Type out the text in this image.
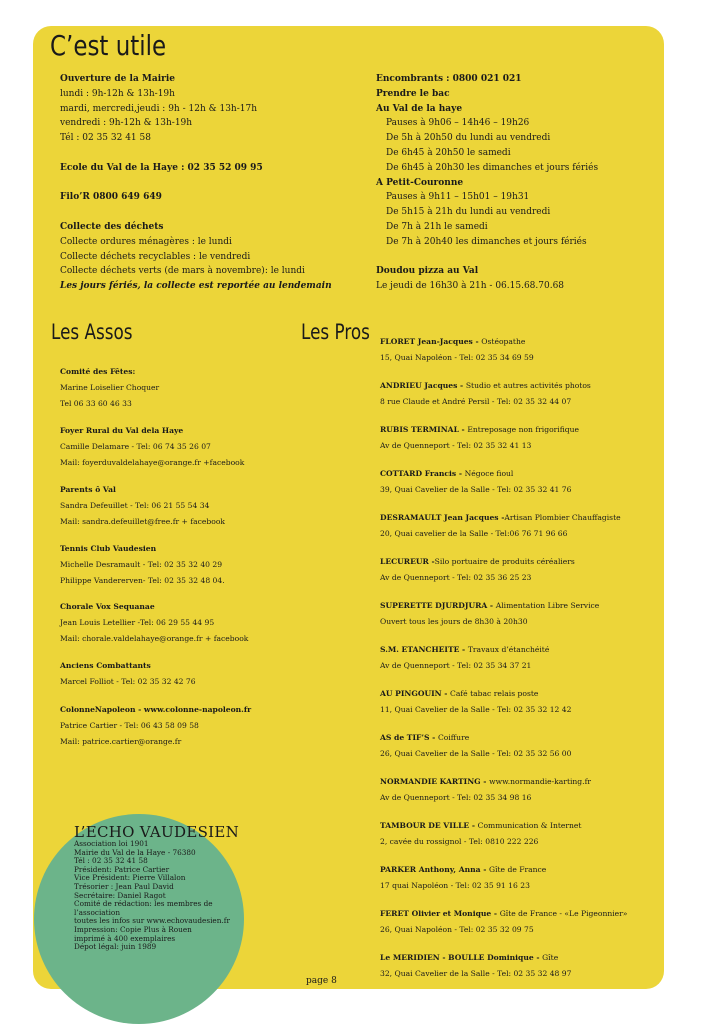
C’est utile
Ouverture de la Mairie
lundi : 9h-12h & 13h-19h
mardi, mercredi,jeudi : 9h - 12h & 13h-17h
vendredi : 9h-12h & 13h-19h
Tél : 02 35 32 41 58
Ecole du Val de la Haye : 02 35 52 09 95
Filo’R 0800 649 649
Collecte des déchets
Collecte ordures ménagères : le lundi
Collecte déchets recyclables : le vendredi
Collecte déchets verts (de mars à novembre): le lundi
Les jours fériés, la collecte est reportée au lendemain
Encombrants : 0800 021 021
Prendre le bac
Au Val de la haye
Pauses à 9h06 – 14h46 – 19h26
De 5h à 20h50 du lundi au vendredi
De 6h45 à 20h50 le samedi
De 6h45 à 20h30 les dimanches et jours fériés
A Petit-Couronne
Pauses à 9h11 – 15h01 – 19h31
De 5h15 à 21h du lundi au vendredi
De 7h à 21h le samedi
De 7h à 20h40 les dimanches et jours fériés
Doudou pizza au Val
Le jeudi de 16h30 à 21h - 06.15.68.70.68
Les Assos	Les Pros
Comité des Fêtes:
Marine Loiselier Choquer
Tel 06 33 60 46 33
Foyer Rural du Val dela Haye
Camille Delamare - Tel: 06 74 35 26 07
Mail: foyerduvaldelahaye@orange.fr +facebook
Parents ô Val
Sandra Defeuillet - Tel: 06 21 55 54 34
Mail: sandra.defeuillet@free.fr + facebook
Tennis Club Vaudesien
Michelle Desramault - Tel: 02 35 32 40 29
Philippe Vandererven- Tel: 02 35 32 48 04.
Chorale Vox Sequanae
Jean Louis Letellier -Tel: 06 29 55 44 95
Mail: chorale.valdelahaye@orange.fr + facebook
Anciens Combattants
Marcel Folliot - Tel: 02 35 32 42 76
ColonneNapoleon - www.colonne-napoleon.fr
Patrice Cartier - Tel: 06 43 58 09 58
Mail: patrice.cartier@orange.fr
FLORET Jean-Jacques - Ostéopathe
15, Quai Napoléon - Tel: 02 35 34 69 59
ANDRIEU Jacques - Studio et autres activités photos
8 rue Claude et André Persil - Tel: 02 35 32 44 07
RUBIS TERMINAL - Entreposage non frigorifique
Av de Quenneport - Tel: 02 35 32 41 13
COTTARD Francis - Négoce fioul
39, Quai Cavelier de la Salle - Tel: 02 35 32 41 76
DESRAMAULT Jean Jacques -Artisan Plombier Chauffagiste
20, Quai cavelier de la Salle - Tel:06 76 71 96 66
LECUREUR -Silo portuaire de produits céréaliers
Av de Quenneport - Tel: 02 35 36 25 23
SUPERETTE DJURDJURA - Alimentation Libre Service
Ouvert tous les jours de 8h30 à 20h30
S.M. ETANCHEITE - Travaux d’étanchéité
Av de Quenneport - Tel: 02 35 34 37 21
AU PINGOUIN - Café tabac relais poste
11, Quai Cavelier de la Salle - Tel: 02 35 32 12 42
AS de TIF’S - Coiffure
26, Quai Cavelier de la Salle - Tel: 02 35 32 56 00
NORMANDIE KARTING - www.normandie-karting.fr
Av de Quenneport - Tel: 02 35 34 98 16
TAMBOUR DE VILLE - Communication & Internet
2, cavée du rossignol - Tel: 0810 222 226
PARKER Anthony, Anna - Gîte de France
17 quai Napoléon - Tel: 02 35 91 16 23
FERET Olivier et Monique - Gîte de France - «Le Pigeonnier»
26, Quai Napoléon - Tel: 02 35 32 09 75
Le MERIDIEN - BOULLE Dominique - Gîte
32, Quai Cavelier de la Salle - Tel: 02 35 32 48 97
L’ECHO VAUDESIEN
Association loi 1901
Mairie du Val de la Haye - 76380
Tél : 02 35 32 41 58
Président: Patrice Cartier
Vice Président: Pierre Villalon
Trésorier : Jean Paul David
Secrétaire: Daniel Ragot
Comité de rédaction: les membres de
l’association
toutes les infos sur www.echovaudesien.fr
Impression: Copie Plus à Rouen
imprimé à 400 exemplaires
Dépot légal: juin 1989
page 8
